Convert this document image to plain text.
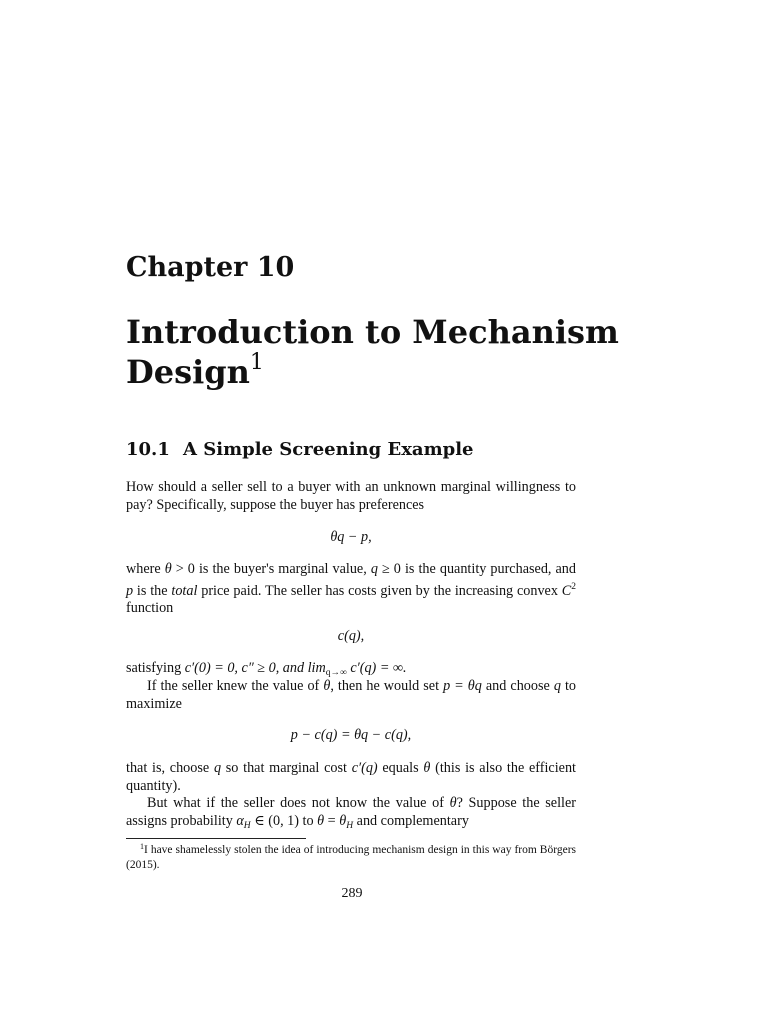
Chapter 10
Introduction to Mechanism
Design$^1$
10.1 A Simple Screening Example

How should a seller sell to a buyer with an unknown marginal willingness to pay? Specifically, suppose the buyer has preferences

θq − p,

where θ > 0 is the buyer's marginal value, q ≥ 0 is the quantity purchased, and p is the total price paid. The seller has costs given by the increasing convex $C^2$ function

c(q),

satisfying c′(0) = 0, c″ ≥ 0, and $\lim_{q\to\infty} c'(q)$ = ∞.

If the seller knew the value of θ, then he would set p = θq and choose q to maximize

p − c(q) = θq − c(q),

that is, choose q so that marginal cost c′(q) equals θ (this is also the efficient quantity).

But what if the seller does not know the value of θ? Suppose the seller assigns probability $\alpha_H$ ∈ (0, 1) to $\theta = \theta_H$ and complementary

$^1$I have shamelessly stolen the idea of introducing mechanism design in this way from Börgers (2015).

289
